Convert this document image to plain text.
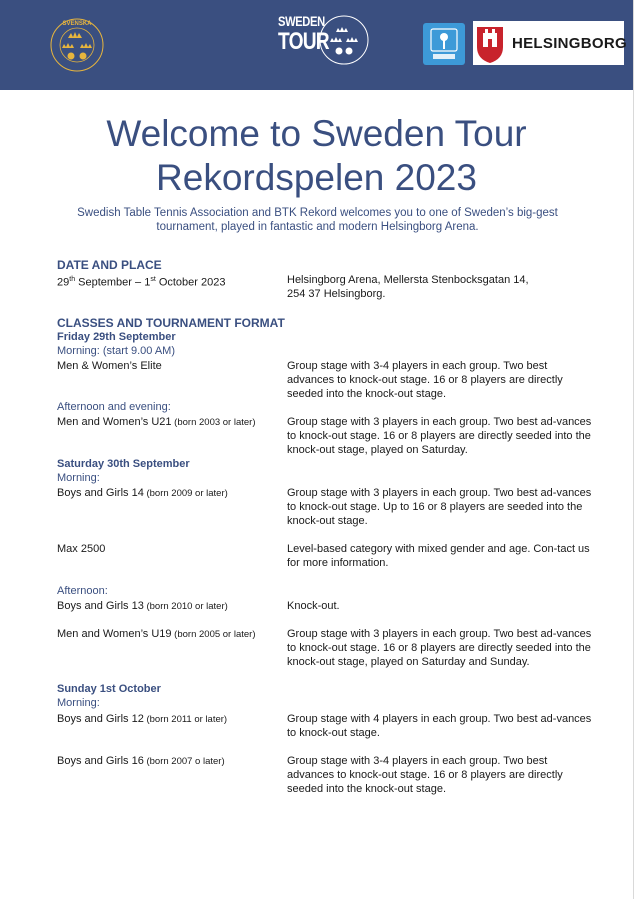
SVENSKA	SWEDEN
TOUR	HELSINGBORG
Welcome to Sweden Tour
Rekordspelen 2023
Swedish Table Tennis Association and BTK Rekord welcomes you to one of Sweden’s big-gest tournament, played in fantastic and modern Helsingborg Arena.
DATE AND PLACE
29th September – 1st October 2023	Helsingborg Arena, Mellersta Stenbocksgatan 14,
254 37 Helsingborg.
CLASSES AND TOURNAMENT FORMAT
Friday 29th September
Morning: (start 9.00 AM)
Men & Women’s Elite	Group stage with 3-4 players in each group. Two best advances to knock-out stage. 16 or 8 players are directly seeded into the knock-out stage.
Afternoon and evening:
Men and Women’s U21 (born 2003 or later)	Group stage with 3 players in each group. Two best ad-vances to knock-out stage. 16 or 8 players are directly seeded into the knock-out stage, played on Saturday.
Saturday 30th September
Morning:
Boys and Girls 14 (born 2009 or later)	Group stage with 3 players in each group. Two best ad-vances to knock-out stage. Up to 16 or 8 players are seeded into the knock-out stage.
Max 2500	Level-based category with mixed gender and age. Con-tact us for more information.
Afternoon:
Boys and Girls 13 (born 2010 or later)	Knock-out.
Men and Women’s U19 (born 2005 or later)	Group stage with 3 players in each group. Two best ad-vances to knock-out stage. 16 or 8 players are directly seeded into the knock-out stage, played on Saturday and Sunday.
Sunday 1st October
Morning:
Boys and Girls 12 (born 2011 or later)	Group stage with 4 players in each group. Two best ad-vances to knock-out stage.
Boys and Girls 16 (born 2007 o later)	Group stage with 3-4 players in each group. Two best advances to knock-out stage. 16 or 8 players are directly seeded into the knock-out stage.
